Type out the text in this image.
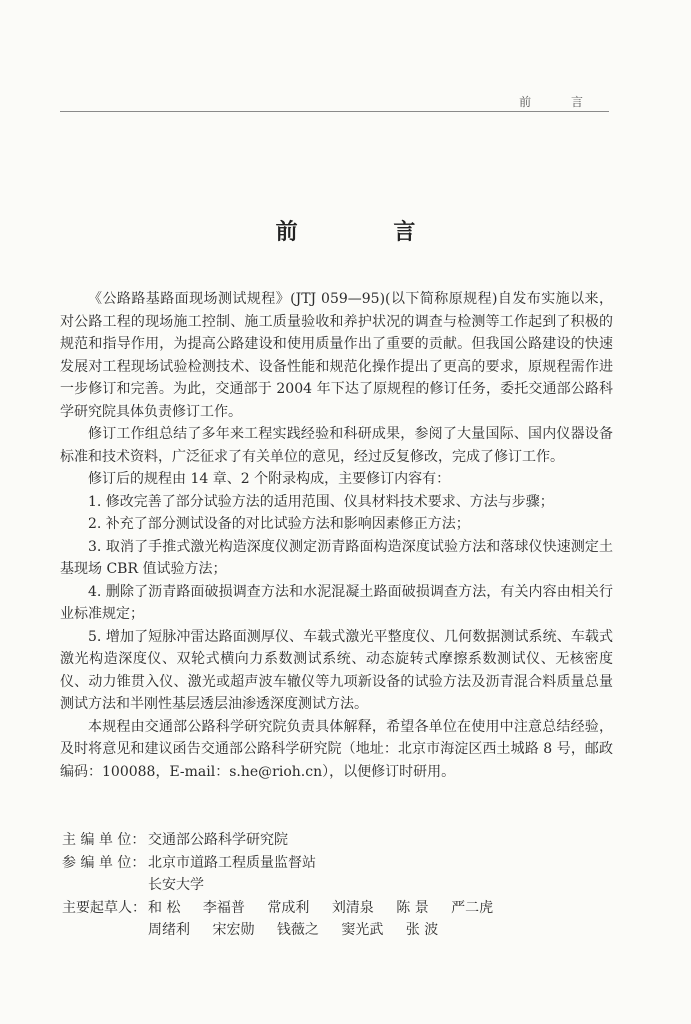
前 言
前 言

《公路路基路面现场测试规程》(JTJ 059—95)(以下简称原规程)自发布实施以来，对公路工程的现场施工控制、施工质量验收和养护状况的调查与检测等工作起到了积极的规范和指导作用，为提高公路建设和使用质量作出了重要的贡献。但我国公路建设的快速发展对工程现场试验检测技术、设备性能和规范化操作提出了更高的要求，原规程需作进一步修订和完善。为此，交通部于 2004 年下达了原规程的修订任务，委托交通部公路科学研究院具体负责修订工作。

修订工作组总结了多年来工程实践经验和科研成果，参阅了大量国际、国内仪器设备标准和技术资料，广泛征求了有关单位的意见，经过反复修改，完成了修订工作。

修订后的规程由 14 章、2 个附录构成，主要修订内容有：

1. 修改完善了部分试验方法的适用范围、仪具材料技术要求、方法与步骤；

2. 补充了部分测试设备的对比试验方法和影响因素修正方法；

3. 取消了手推式激光构造深度仪测定沥青路面构造深度试验方法和落球仪快速测定土基现场 CBR 值试验方法；

4. 删除了沥青路面破损调查方法和水泥混凝土路面破损调查方法，有关内容由相关行业标准规定；

5. 增加了短脉冲雷达路面测厚仪、车载式激光平整度仪、几何数据测试系统、车载式激光构造深度仪、双轮式横向力系数测试系统、动态旋转式摩擦系数测试仪、无核密度仪、动力锥贯入仪、激光或超声波车辙仪等九项新设备的试验方法及沥青混合料质量总量测试方法和半刚性基层透层油渗透深度测试方法。

本规程由交通部公路科学研究院负责具体解释，希望各单位在使用中注意总结经验，及时将意见和建议函告交通部公路科学研究院（地址：北京市海淀区西土城路 8 号，邮政编码：100088，E-mail：s.he@rioh.cn），以便修订时研用。

主 编 单 位： 交通部公路科学研究院
参 编 单 位： 北京市道路工程质量监督站
长安大学
主要起草人： 和 松 李福普 常成利 刘清泉 陈 景 严二虎 周绪利 宋宏勋 钱薇之 窦光武 张 波
